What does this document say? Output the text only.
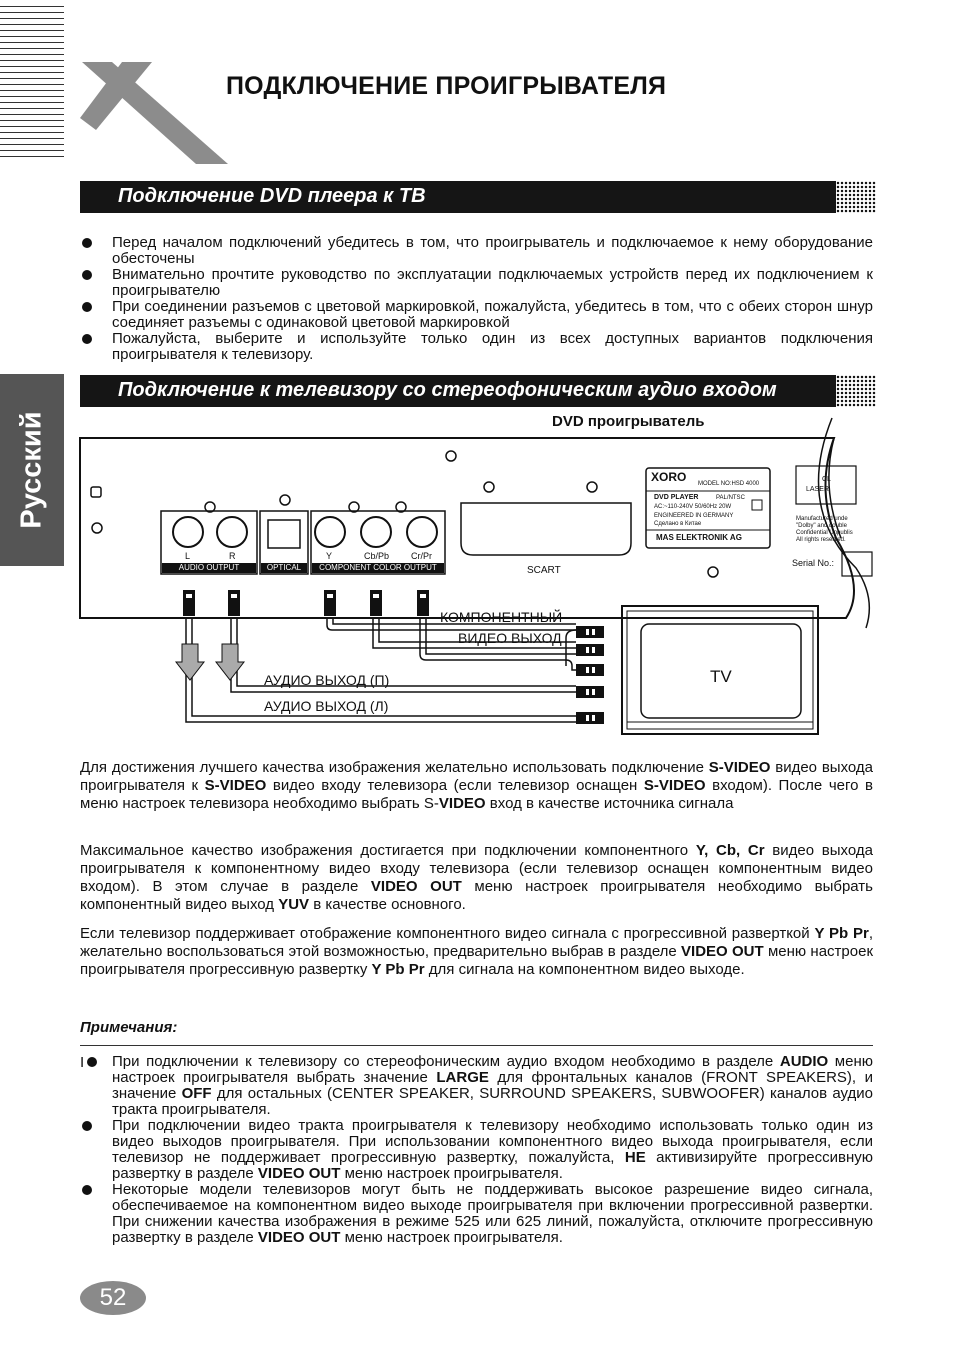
ПОДКЛЮЧЕНИЕ ПРОИГРЫВАТЕЛЯ
Подключение DVD плеера к ТВ
Перед началом подключений убедитесь в том, что проигрыватель и подключаемое к нему оборудование обесточены
Внимательно прочтите руководство по эксплуатации подключаемых устройств перед их подключением к проигрывателю
При соединении разъемов с цветовой маркировкой, пожалуйста, убедитесь в том, что с обеих сторон шнур соединяет разъемы с одинаковой цветовой маркировкой
Пожалуйста, выберите и используйте только один из всех доступных вариантов подключения проигрывателя к телевизору.
Русский
Подключение к телевизору со стереофоническим аудио входом
DVD проигрыватель
L	R
AUDIO OUTPUT	OPTICAL
Y	Cb/Pb Cr/Pr
COMPONENT COLOR OUTPUT	SCART
XORO MODEL NO:HSD 4000
DVD PLAYER	PAL/NTSC
AC:~110-240V 50/60Hz 20W
ENGINEERED IN GERMANY
Сделано в Китае
MAS ELEKTRONIK AG
CL
LASER
Manufactured unde
"Dolby" and double
Confidential Unpublis
All rights reserved.
Serial No.:
КОМПОНЕНТНЫЙ
ВИДЕО ВЫХОД
АУДИО ВЫХОД (П)
АУДИО ВЫХОД (Л)
TV

Для достижения лучшего качества изображения желательно использовать подключение S-VIDEO видео выхода проигрывателя к S-VIDEO видео входу телевизора (если телевизор оснащен S-VIDEO входом). После чего в меню настроек телевизора необходимо выбрать S-VIDEO вход в качестве источника сигнала

Максимальное качество изображения достигается при подключении компонентного Y, Cb, Cr видео выхода проигрывателя к компонентному видео входу телевизора (если телевизор оснащен компонентным видео входом). В этом случае в разделе VIDEO OUT меню настроек проигрывателя необходимо выбрать компонентный видео выход YUV в качестве основного.

Если телевизор поддерживает отображение компонентного видео сигнала с прогрессивной разверткой Y Pb Pr, желательно воспользоваться этой возможностью, предварительно выбрав в разделе VIDEO OUT меню настроек проигрывателя прогрессивную развертку Y Pb Pr для сигнала на компонентном видео выходе.

Примечания:

I	При подключении к телевизору со стереофоническим аудио входом необходимо в разделе AUDIO меню настроек проигрывателя выбрать значение LARGE для фронтальных каналов (FRONT SPEAKERS), и значение OFF для остальных (CENTER SPEAKER, SURROUND SPEAKERS, SUBWOOFER) каналов аудио тракта проигрывателя.
При подключении видео тракта проигрывателя к телевизору необходимо использовать только один из видео выходов проигрывателя. При использовании компонентного видео выхода проигрывателя, если телевизор не поддерживает прогрессивную развертку, пожалуйста, НЕ активизируйте прогрессивную развертку в разделе VIDEO OUT меню настроек проигрывателя.
Некоторые модели телевизоров могут быть не поддерживать высокое разрешение видео сигнала, обеспечиваемое на компонентном видео выходе проигрывателя при включении прогрессивной развертки. При снижении качества изображения в режиме 525 или 625 линий, пожалуйста, отключите прогрессивную развертку в разделе VIDEO OUT меню настроек проигрывателя.
52
